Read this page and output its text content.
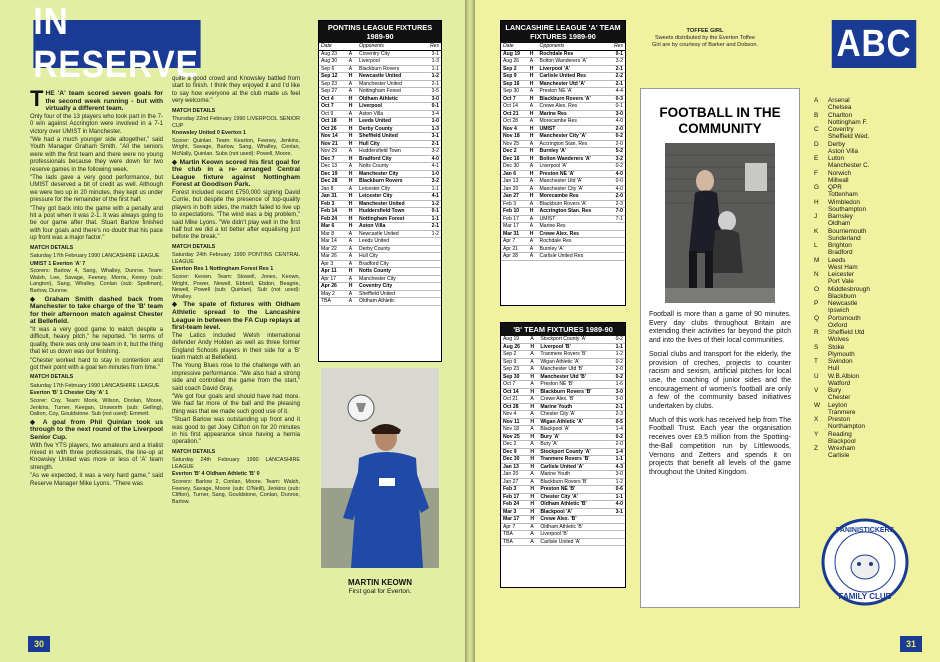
IN RESERVE

THE 'A' team scored seven goals for the second week running - but with virtually a different team.

Only four of the 13 players who took part in the 7-0 win against Accrington were involved in a 7-1 victory over UMIST in Manchester.

"We had a much younger side altogether," said Youth Manager Graham Smith. "All the seniors were with the first team and there were no young professionals because they were down for two reserve games in the following week.

"The lads gave a very good performance, but UMIST deserved a bit of credit as well. Although we were two up in 20 minutes, they kept us under pressure for the remainder of the first half.

"They got back into the game with a penalty and hit a post when it was 2-1. It was always going to be our game after that. Stuart Barlow finished with four goals and there's no doubt that his pace up front was a major factor."

MATCH DETAILS

Saturday 17th February 1990 LANCASHIRE LEAGUE

UMIST 1 Everton 'A' 7

Scorers: Barlow 4, Sang, Whalley, Dunroe. Team: Walsh, Lee, Savage, Feeney, Morris, Kenny (sub: Langton), Sang, Whalley, Conlan (sub: Spellman), Barlow, Dunroe.

◆ Graham Smith dashed back from Manchester to take charge of the 'B' team for their afternoon match against Chester at Bellefield.

"It was a very good game to watch despite a difficult, heavy pitch," he reported. "In terms of quality, there was only one team in it, but the thing that let us down was our finishing.

"Chester worked hard to stay in contention and got their point with a goal ten minutes from time."

MATCH DETAILS

Saturday 17th February 1990 LANCASHIRE LEAGUE

Everton 'B' 1 Chester City 'A' 1

Scorer: Coy. Team: Monk, Wilson, Doolan, Moore, Jenkins, Turner, Keegan, Unsworth (sub: Gelling), Dalton, Coy, Gouldstone. Sub (not used): Emmett.

◆ A goal from Phil Quinlan took us through to the next round of the Liverpool Senior Cup.

With five YTS players, two amateurs and a trialist mixed in with three professionals, the line-up at Knowsley United was more or less of 'A' team strength.

"As we expected, it was a very hard game," said Reserve Manager Mike Lyons. "There was

quite a good crowd and Knowsley battled from start to finish. I think they enjoyed it and I'd like to say how everyone at the club made us feel very welcome."

MATCH DETAILS

Thursday 22nd February 1990 LIVERPOOL SENIOR CUP

Knowsley United 0 Everton 1

Scorer: Quinlan. Team: Kearton, Feeney, Jenkins, Wright, Savage, Barlow, Sang, Whalley, Conlan, McNally, Quinlan. Subs (not used): Powell, Moore.

◆ Martin Keown scored his first goal for the club in a re- arranged Central League fixture against Nottingham Forest at Goodison Park.

Forest included recent £750,000 signing David Currie, but despite the presence of top-quality players in both sides, the match failed to live up to expectations. "The wind was a big problem," said Mike Lyons. "We didn't play well in the first half but we did a lot better after equalising just before the break."

MATCH DETAILS

Saturday 24th February 1990 PONTINS CENTRAL LEAGUE

Everton Res 1 Nottingham Forest Res 1

Scorer: Keown. Team: Stowell, Jones, Keown, Wright, Power, Newell, Ebbrell, Ebdon, Beagrie, Newell, Powell (sub: Quinlan). Sub (not used): Whalley.

◆ The spate of fixtures with Oldham Athletic spread to the Lancashire League in between the FA Cup replays at first-team level.

The Latics included Welsh international defender Andy Holden as well as three former England Schools players in their side for a 'B' team match at Bellefield.

The Young Blues rose to the challenge with an impressive performance. "We also had a strong side and controlled the game from the start," said coach David Gray.

"We got four goals and should have had more. We had far more of the ball and the pleasing thing was that we made such good use of it.

"Stuart Barlow was outstanding up front and it was good to get Joey Clifton on for 20 minutes in his first appearance since having a hernia operation."

MATCH DETAILS

Saturday 24th February 1990 LANCASHIRE LEAGUE

Everton 'B' 4 Oldham Athletic 'B' 0

Scorers: Barlow 2, Conlan, Moore. Team: Walsh, Feeney, Savage, Moore (sub: O'Neill), Jenkins (sub: Clifton), Turner, Sang, Gouldstone, Conlan, Dunroe, Barlow.

PONTINS LEAGUE FIXTURES 1989-90
Date		Opponents	Res
Aug 23	A	Coventry City	3-1
Aug 30	A	Liverpool	1-3
Sep 6	A	Blackburn Rovers	1-1
Sep 12	H	Newcastle United	1-2
Sep 23	A	Manchester United	2-1
Sep 27	A	Nottingham Forest	3-5
Oct 4	H	Oldham Athletic	3-0
Oct 7	H	Liverpool	0-1
Oct 9	A	Aston Villa	3-4
Oct 18	H	Leeds United	1-0
Oct 26	H	Derby County	1-3
Nov 14	H	Sheffield United	3-1
Nov 21	H	Hull City	2-1
Nov 29	A	Huddersfield Town	3-2
Dec 7	H	Bradford City	4-0
Dec 13	A	Notts County	4-1
Dec 19	H	Manchester City	1-0
Dec 28	H	Blackburn Rovers	3-2
Jan 8	A	Leicester City	1-1
Jan 31	H	Leicester City	4-1
Feb 3	H	Manchester United	1-2
Feb 14	H	Huddersfield Town	0-1
Feb 24	H	Nottingham Forest	1-1
Mar 6	H	Aston Villa	2-1
Mar 8	A	Newcastle United	1-2
Mar 14	A	Leeds United	
Mar 22	A	Derby County	
Mar 26	A	Hull City	
Apr 3	A	Bradford City	
Apr 11	H	Notts County	
Apr 17	A	Manchester City	
Apr 26	H	Coventry City	
May 2	A	Sheffield United	
TBA	A	Oldham Athletic	
MARTIN KEOWN
First goal for Everton.
30
LANCASHIRE LEAGUE 'A' TEAM FIXTURES 1989-90
Date		Opponents	Res
Aug 19	H	Rochdale Res	0-1
Aug 26	A	Bolton Wanderers 'A'	3-2
Sep 2	H	Liverpool 'A'	2-1
Sep 9	H	Carlisle United Res	2-2
Sep 16	H	Manchester Utd 'A'	2-1
Sep 30	A	Preston NE 'A'	4-4
Oct 7	H	Blackburn Rovers 'A'	0-3
Oct 14	A	Crewe Alex. Res	0-1
Oct 21	H	Marine Res	3-0
Oct 28	A	Morecambe Res	4-0
Nov 4	H	UMIST	2-0
Nov 18	H	Manchester City 'A'	0-2
Nov 25	A	Accrington Stan. Res	2-0
Dec 2	H	Burnley 'A'	5-2
Dec 16	H	Bolton Wanderers 'A'	3-2
Dec 30	A	Liverpool 'A'	0-2
Jan 6	H	Preston NE 'A'	4-0
Jan 13	A	Manchester Utd 'A'	0-0
Jan 20	A	Manchester City 'A'	4-0
Jan 27	H	Morecambe Res	2-0
Feb 3	A	Blackburn Rovers 'A'	2-3
Feb 10	H	Accrington Stan. Res	7-0
Feb 17	A	UMIST	7-1
Mar 17	A	Marine Res	
Mar 31	H	Crewe Alex. Res	
Apr 7	A	Rochdale Res	
Apr 21	A	Burnley 'A'	
Apr 28	A	Carlisle United Res	
'B' TEAM FIXTURES 1989-90
Aug 19	A	Stockport County 'A'	0-2
Aug 26	H	Liverpool 'B'	1-1
Sep 2	A	Tranmere Rovers 'B'	1-2
Sep 9	A	Wigan Athletic 'A'	0-2
Sep 23	A	Manchester Utd 'B'	2-0
Sep 30	H	Manchester Utd 'B'	0-2
Oct 7	A	Preston NE 'B'	1-6
Oct 14	H	Blackburn Rovers 'B'	3-0
Oct 21	A	Crewe Alex. 'B'	3-0
Oct 28	H	Marine Youth	2-1
Nov 4	A	Chester City 'A'	2-3
Nov 11	H	Wigan Athletic 'A'	0-5
Nov 18	A	Blackpool 'A'	1-4
Nov 25	H	Bury 'A'	0-2
Dec 2	A	Bury 'A'	2-0
Dec 9	H	Stockport County 'A'	1-4
Dec 30	H	Tranmere Rovers 'B'	1-1
Jan 13	H	Carlisle United 'A'	4-3
Jan 20	A	Marine Youth	3-0
Jan 27	A	Blackburn Rovers 'B'	1-2
Feb 3	H	Preston NE 'B'	0-6
Feb 17	H	Chester City 'A'	1-1
Feb 24	H	Oldham Athletic 'B'	4-0
Mar 3	H	Blackpool 'A'	3-1
Mar 17	H	Crewe Alex. 'B'	
Apr 7	A	Oldham Athletic 'B'	
TBA	A	Liverpool 'B'	
TBA	A	Carlisle United 'A'	
TOFFEE GIRL
Sweets distributed by the Everton Toffee Girl are by courtesy of Barker and Dobson.
FOOTBALL IN THE COMMUNITY

Football is more than a game of 90 minutes. Every day clubs throughout Britain are extending their activities far beyond the pitch and into the lives of their local communities.

Social clubs and transport for the elderly, the provision of creches, projects to counter racism and sexism, artificial pitches for local use, the coaching of junior sides and the encouragement of women's football are only a few of the community based initiatives undertaken by clubs.

Much of this work has received help from The Football Trust. Each year the organisation receives over £9.5 million from the Spotting-the-Ball competition run by Littlewoods, Vernons and Zetters and spends it on projects that benefit all levels of the game throughout the United Kingdom.

ABC
A	Arsenal
Chelsea
B	Charlton
Nottingham F.
C	Coventry
Sheffield Wed.
D	Derby
Aston Villa
E	Luton
Manchester C.
F	Norwich
Millwall
G	QPR
Tottenham
H	Wimbledon
Southampton
J	Barnsley
Oldham
K	Bournemouth
Sunderland
L	Brighton
Bradford
M	Leeds
West Ham
N	Leicester
Port Vale
O	Middlesbrough
Blackburn
P	Newcastle
Ipswich
Q	Portsmouth
Oxford
R	Sheffield Utd
Wolves
S	Stoke
Plymouth
T	Swindon
Hull
U	W.B.Albion
Watford
V	Bury
Chester
W	Leyton
Tranmere
X	Preston
Northampton
Y	Reading
Blackpool
Z	Wrexham
Carlisle
PANINISTICKERS
FAMILY CLUB
31
